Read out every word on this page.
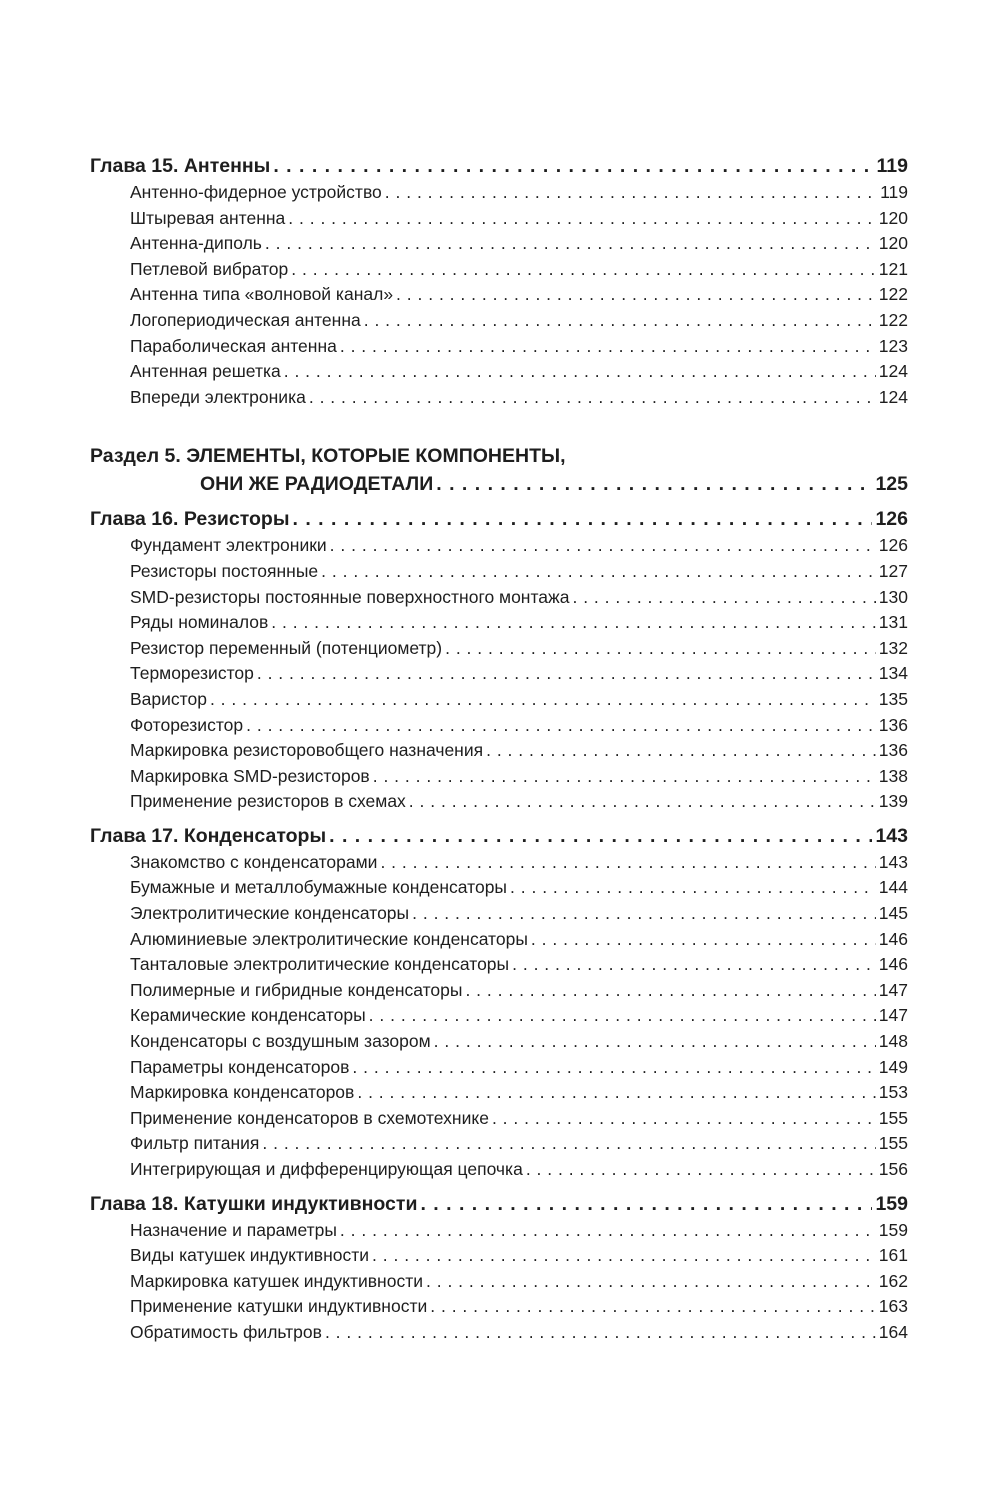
Глава 15. Антенны . . .	119
Антенно-фидерное устройство . . .	119
Штыревая антенна . . .	120
Антенна-диполь . . .	120
Петлевой вибратор . . .	121
Антенна типа «волновой канал» . . .	122
Логопериодическая антенна . . .	122
Параболическая антенна . . .	123
Антенная решетка . . .	124
Впереди электроника . . .	124
Раздел 5. ЭЛЕМЕНТЫ, КОТОРЫЕ КОМПОНЕНТЫ,
ОНИ ЖЕ РАДИОДЕТАЛИ . . .	125
Глава 16. Резисторы . . .	126
Фундамент электроники . . .	126
Резисторы постоянные . . .	127
SMD-резисторы постоянные поверхностного монтажа . . .	130
Ряды номиналов . . .	131
Резистор переменный (потенциометр) . . .	132
Терморезистор . . .	134
Варистор . . .	135
Фоторезистор . . .	136
Маркировка резисторовобщего назначения . . .	136
Маркировка SMD-резисторов . . .	138
Применение резисторов в схемах . . .	139
Глава 17. Конденсаторы . . .	143
Знакомство с конденсаторами . . .	143
Бумажные и металлобумажные конденсаторы . . .	144
Электролитические конденсаторы . . .	145
Алюминиевые электролитические конденсаторы . . .	146
Танталовые электролитические конденсаторы . . .	146
Полимерные и гибридные конденсаторы . . .	147
Керамические конденсаторы . . .	147
Конденсаторы с воздушным зазором . . .	148
Параметры конденсаторов . . .	149
Маркировка конденсаторов . . .	153
Применение конденсаторов в схемотехнике . . .	155
Фильтр питания . . .	155
Интегрирующая и дифференцирующая цепочка . . .	156
Глава 18. Катушки индуктивности . . .	159
Назначение и параметры . . .	159
Виды катушек индуктивности . . .	161
Маркировка катушек индуктивности . . .	162
Применение катушки индуктивности . . .	163
Обратимость фильтров . . .	164
